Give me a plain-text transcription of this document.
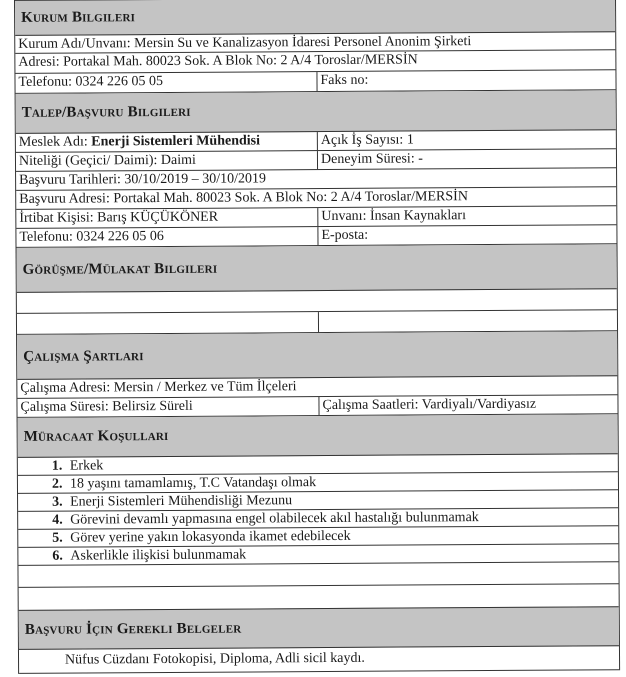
Kurum Bilgileri
Kurum Adı/Unvanı: Mersin Su ve Kanalizasyon İdaresi Personel Anonim Şirketi
Adresi: Portakal Mah. 80023 Sok. A Blok No: 2 A/4 Toroslar/MERSİN
Telefonu: 0324 226 05 05	Faks no:
Talep/Başvuru Bilgileri
Meslek Adı: Enerji Sistemleri Mühendisi	Açık İş Sayısı: 1
Niteliği (Geçici/ Daimi): Daimi	Deneyim Süresi: -
Başvuru Tarihleri: 30/10/2019 – 30/10/2019
Başvuru Adresi: Portakal Mah. 80023 Sok. A Blok No: 2 A/4 Toroslar/MERSİN
İrtibat Kişisi: Barış KÜÇÜKÖNER	Unvanı: İnsan Kaynakları
Telefonu: 0324 226 05 06	E-posta:
Görüşme/Mülakat Bilgileri
Çalışma Şartları
Çalışma Adresi: Mersin / Merkez ve Tüm İlçeleri
Çalışma Süresi: Belirsiz Süreli	Çalışma Saatleri: Vardiyalı/Vardiyasız
Müracaat Koşulları
1. Erkek
2. 18 yaşını tamamlamış, T.C Vatandaşı olmak
3. Enerji Sistemleri Mühendisliği Mezunu
4. Görevini devamlı yapmasına engel olabilecek akıl hastalığı bulunmamak
5. Görev yerine yakın lokasyonda ikamet edebilecek
6. Askerlikle ilişkisi bulunmamak
Başvuru İçin Gerekli Belgeler
Nüfus Cüzdanı Fotokopisi, Diploma, Adli sicil kaydı.
